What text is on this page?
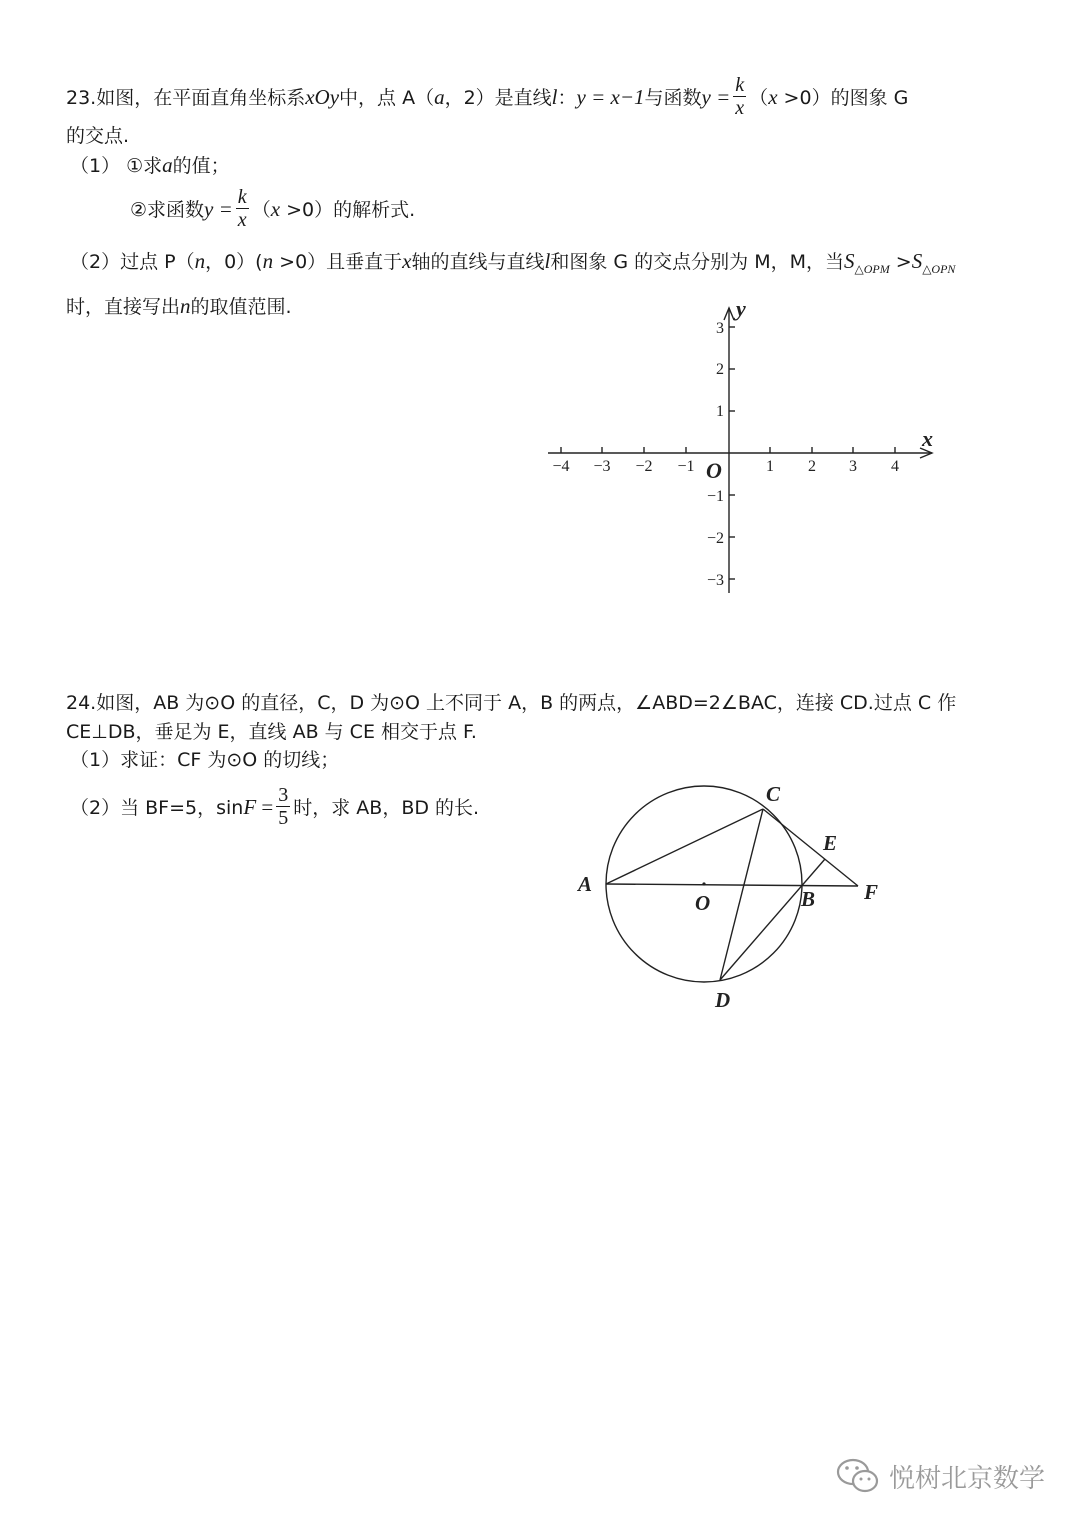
23.如图，在平面直角坐标系xOy中，点 A（a，2）是直线l：y = x−1与函数$y = \frac{k}{x} (x >0)$的图象 G
的交点.
（1） ①求a的值；
②求函数$y = \frac{k}{x} (x >0)$的解析式.
（2）过点 P（n，0）(n >0）且垂直于x轴的直线与直线l和图象 G 的交点分别为 M，M，当$S_{\triangle OPM} >S_{\triangle OPN}$
时，直接写出n的取值范围.
−4 −3 −2 −1	1 2 3 4
1
2
3
−1
−2
−3
x
y
O
24.如图，AB 为⊙O 的直径，C，D 为⊙O 上不同于 A，B 的两点，∠ABD=2∠BAC，连接 CD.过点 C 作
CE⊥DB，垂足为 E，直线 AB 与 CE 相交于点 F.
（1）求证：CF 为⊙O 的切线；
（2）当 BF=5，$\sin F = \frac{3}{5}$ 时，求 AB，BD 的长.
A
B
C
D
E
F
O
悦树北京数学
